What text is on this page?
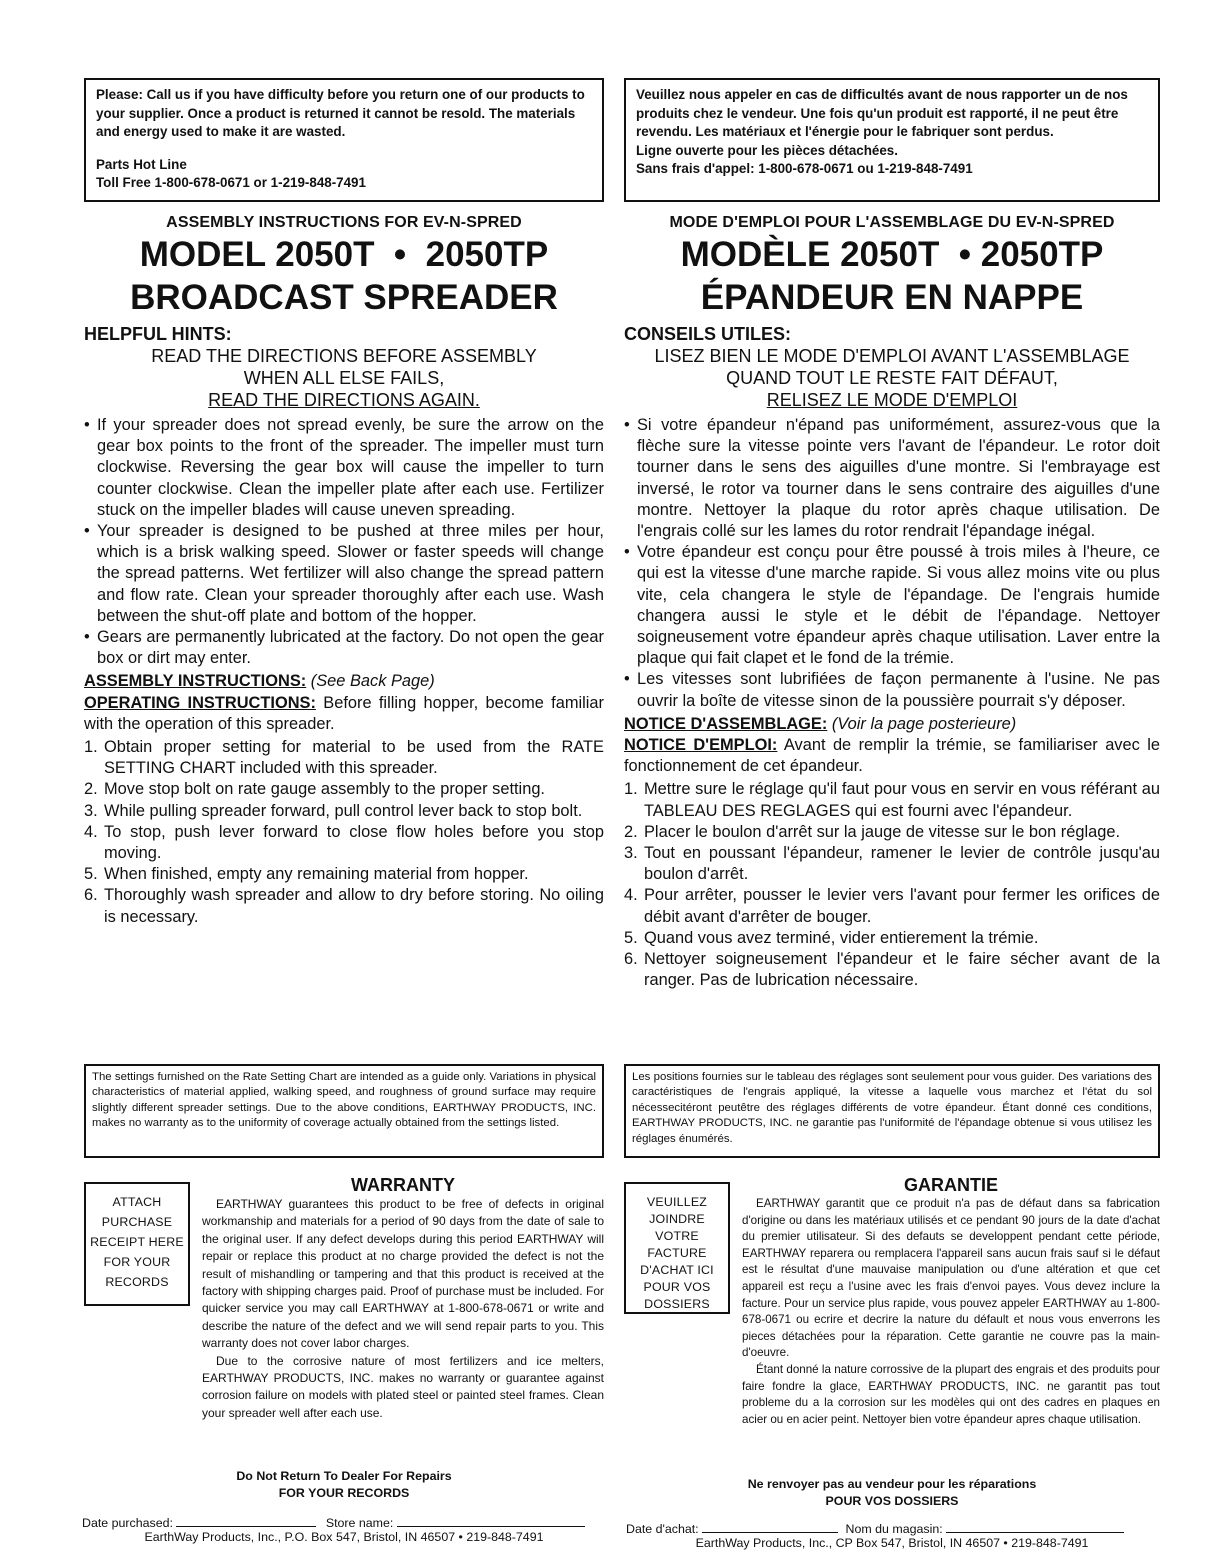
Please: Call us if you have difficulty before you return one of our products to your supplier. Once a product is returned it cannot be resold. The materials and energy used to make it are wasted.

Parts Hot Line

Toll Free 1-800-678-0671 or 1-219-848-7491

ASSEMBLY INSTRUCTIONS FOR EV-N-SPRED
MODEL 2050T  •  2050TP
BROADCAST SPREADER
HELPFUL HINTS:
READ THE DIRECTIONS BEFORE ASSEMBLY
WHEN ALL ELSE FAILS,
READ THE DIRECTIONS AGAIN.
• If your spreader does not spread evenly, be sure the arrow on the gear box points to the front of the spreader. The impeller must turn clockwise. Reversing the gear box will cause the impeller to turn counter clockwise. Clean the impeller plate after each use. Fertilizer stuck on the impeller blades will cause uneven spreading.
• Your spreader is designed to be pushed at three miles per hour, which is a brisk walking speed. Slower or faster speeds will change the spread patterns. Wet fertilizer will also change the spread pattern and flow rate. Clean your spreader thoroughly after each use. Wash between the shut-off plate and bottom of the hopper.
• Gears are permanently lubricated at the factory. Do not open the gear box or dirt may enter.
ASSEMBLY INSTRUCTIONS: (See Back Page)
OPERATING INSTRUCTIONS: Before filling hopper, become familiar with the operation of this spreader.
1. Obtain proper setting for material to be used from the RATE SETTING CHART included with this spreader.
2. Move stop bolt on rate gauge assembly to the proper setting.
3. While pulling spreader forward, pull control lever back to stop bolt.
4. To stop, push lever forward to close flow holes before you stop moving.
5. When finished, empty any remaining material from hopper.
6. Thoroughly wash spreader and allow to dry before storing. No oiling is necessary.

Veuillez nous appeler en cas de difficultés avant de nous rapporter un de nos produits chez le vendeur. Une fois qu'un produit est rapporté, il ne peut être revendu. Les matériaux et l'énergie pour le fabriquer sont perdus.

Ligne ouverte pour les pièces détachées.

Sans frais d'appel: 1-800-678-0671 ou 1-219-848-7491

MODE D'EMPLOI POUR L'ASSEMBLAGE DU EV-N-SPRED
MODÈLE 2050T  • 2050TP
ÉPANDEUR EN NAPPE
CONSEILS UTILES:
LISEZ BIEN LE MODE D'EMPLOI AVANT L'ASSEMBLAGE
QUAND TOUT LE RESTE FAIT DÉFAUT,
RELISEZ LE MODE D'EMPLOI
• Si votre épandeur n'épand pas uniformément, assurez-vous que la flèche sure la vitesse pointe vers l'avant de l'épandeur. Le rotor doit tourner dans le sens des aiguilles d'une montre. Si l'embrayage est inversé, le rotor va tourner dans le sens contraire des aiguilles d'une montre. Nettoyer la plaque du rotor après chaque utilisation. De l'engrais collé sur les lames du rotor rendrait l'épandage inégal.
• Votre épandeur est conçu pour être poussé à trois miles à l'heure, ce qui est la vitesse d'une marche rapide. Si vous allez moins vite ou plus vite, cela changera le style de l'épandage. De l'engrais humide changera aussi le style et le débit de l'épandage. Nettoyer soigneusement votre épandeur après chaque utilisation. Laver entre la plaque qui fait clapet et le fond de la trémie.
• Les vitesses sont lubrifiées de façon permanente à l'usine. Ne pas ouvrir la boîte de vitesse sinon de la poussière pourrait s'y déposer.
NOTICE D'ASSEMBLAGE: (Voir la page posterieure)
NOTICE D'EMPLOI: Avant de remplir la trémie, se familiariser avec le fonctionnement de cet épandeur.
1. Mettre sure le réglage qu'il faut pour vous en servir en vous référant au TABLEAU DES REGLAGES qui est fourni avec l'épandeur.
2. Placer le boulon d'arrêt sur la jauge de vitesse sur le bon réglage.
3. Tout en poussant l'épandeur, ramener le levier de contrôle jusqu'au boulon d'arrêt.
4. Pour arrêter, pousser le levier vers l'avant pour fermer les orifices de débit avant d'arrêter de bouger.
5. Quand vous avez terminé, vider entierement la trémie.
6. Nettoyer soigneusement l'épandeur et le faire sécher avant de la ranger. Pas de lubrication nécessaire.
The settings furnished on the Rate Setting Chart are intended as a guide only. Variations in physical characteristics of material applied, walking speed, and roughness of ground surface may require slightly different spreader settings. Due to the above conditions, EARTHWAY PRODUCTS, INC. makes no warranty as to the uniformity of coverage actually obtained from the settings listed.
ATTACH
PURCHASE
RECEIPT HERE
FOR YOUR
RECORDS
WARRANTY

EARTHWAY guarantees this product to be free of defects in original workmanship and materials for a period of 90 days from the date of sale to the original user. If any defect develops during this period EARTHWAY will repair or replace this product at no charge provided the defect is not the result of mishandling or tampering and that this product is received at the factory with shipping charges paid. Proof of purchase must be included. For quicker service you may call EARTHWAY at 1-800-678-0671 or write and describe the nature of the defect and we will send repair parts to you. This warranty does not cover labor charges.

Due to the corrosive nature of most fertilizers and ice melters, EARTHWAY PRODUCTS, INC. makes no warranty or guarantee against corrosion failure on models with plated steel or painted steel frames. Clean your spreader well after each use.

Do Not Return To Dealer For Repairs
FOR YOUR RECORDS
Date purchased:	Store name:
EarthWay Products, Inc., P.O. Box 547, Bristol, IN 46507 • 219-848-7491
Les positions fournies sur le tableau des réglages sont seulement pour vous guider. Des variations des caractéristiques de l'engrais appliqué, la vitesse a laquelle vous marchez et l'état du sol nécessecitéront peutêtre des réglages différents de votre épandeur. Étant donné ces conditions, EARTHWAY PRODUCTS, INC. ne garantie pas l'uniformité de l'épandage obtenue si vous utilisez les réglages énumérés.
VEUILLEZ
JOINDRE VOTRE
FACTURE
D'ACHAT ICI
POUR VOS
DOSSIERS
GARANTIE

EARTHWAY garantit que ce produit n'a pas de défaut dans sa fabrication d'origine ou dans les matériaux utilisés et ce pendant 90 jours de la date d'achat du premier utilisateur. Si des defauts se developpent pendant cette période, EARTHWAY reparera ou remplacera l'appareil sans aucun frais sauf si le défaut est le résultat d'une mauvaise manipulation ou d'une altération et que cet appareil est reçu a l'usine avec les frais d'envoi payes. Vous devez inclure la facture. Pour un service plus rapide, vous pouvez appeler EARTHWAY au 1-800-678-0671 ou ecrire et decrire la nature du défault et nous vous enverrons les pieces détachées pour la réparation. Cette garantie ne couvre pas la main-d'oeuvre.

Étant donné la nature corrossive de la plupart des engrais et des produits pour faire fondre la glace, EARTHWAY PRODUCTS, INC. ne garantit pas tout probleme du a la corrosion sur les modèles qui ont des cadres en plaques en acier ou en acier peint. Nettoyer bien votre épandeur apres chaque utilisation.

Ne renvoyer pas au vendeur pour les réparations
POUR VOS DOSSIERS
Date d'achat:	Nom du magasin:
EarthWay Products, Inc., CP Box 547, Bristol, IN 46507 • 219-848-7491
